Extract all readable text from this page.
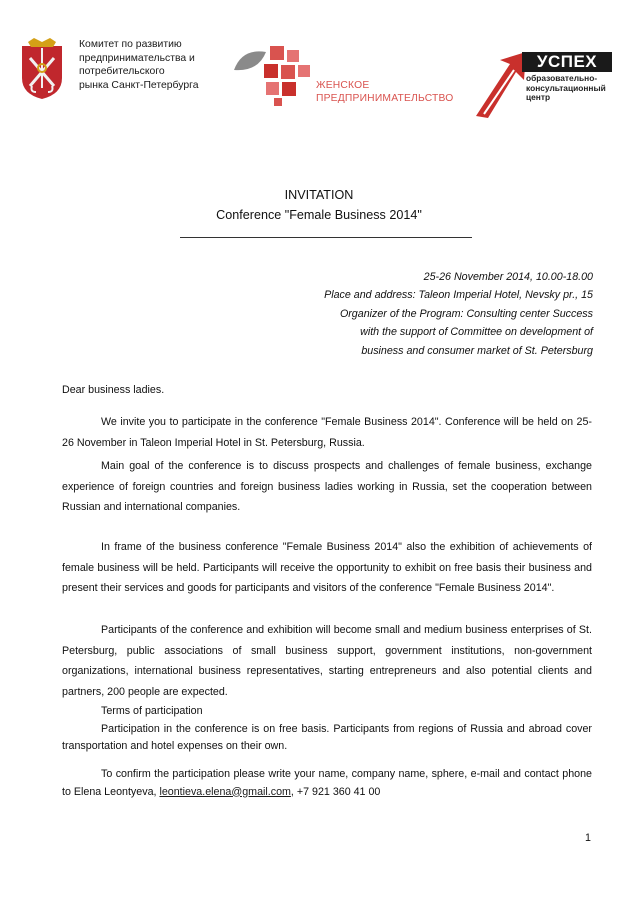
Комитет по развитию
предпринимательства и
потребительского
рынка Санкт-Петербурга	ЖЕНСКОЕ
ПРЕДПРИНИМАТЕЛЬСТВО
УСПЕХ
образовательно-
консультационный
центр
INVITATION
Conference "Female Business 2014"
25-26 November 2014, 10.00-18.00
Place and address: Taleon Imperial Hotel, Nevsky pr., 15
Organizer of the Program: Consulting center Success
with the support of Committee on development of
business and consumer market of St. Petersburg
Dear business ladies.
We invite you to participate in the conference "Female Business 2014". Conference will be held on 25-26 November in Taleon Imperial Hotel in St. Petersburg, Russia.
Main goal of the conference is to discuss prospects and challenges of female business, exchange experience of foreign countries and foreign business ladies working in Russia, set the cooperation between Russian and international companies.
In frame of the business conference "Female Business 2014" also the exhibition of achievements of female business will be held. Participants will receive the opportunity to exhibit on free basis their business and present their services and goods for participants and visitors of the conference "Female Business 2014".
Participants of the conference and exhibition will become small and medium business enterprises of St. Petersburg, public associations of small business support, government institutions, non-government organizations, international business representatives, starting entrepreneurs and also potential clients and partners, 200 people are expected.
Terms of participation
Participation in the conference is on free basis. Participants from regions of Russia and abroad cover transportation and hotel expenses on their own.
To confirm the participation please write your name, company name, sphere, e-mail and contact phone to Elena Leontyeva, leontieva.elena@gmail.com, +7 921 360 41 00
1
